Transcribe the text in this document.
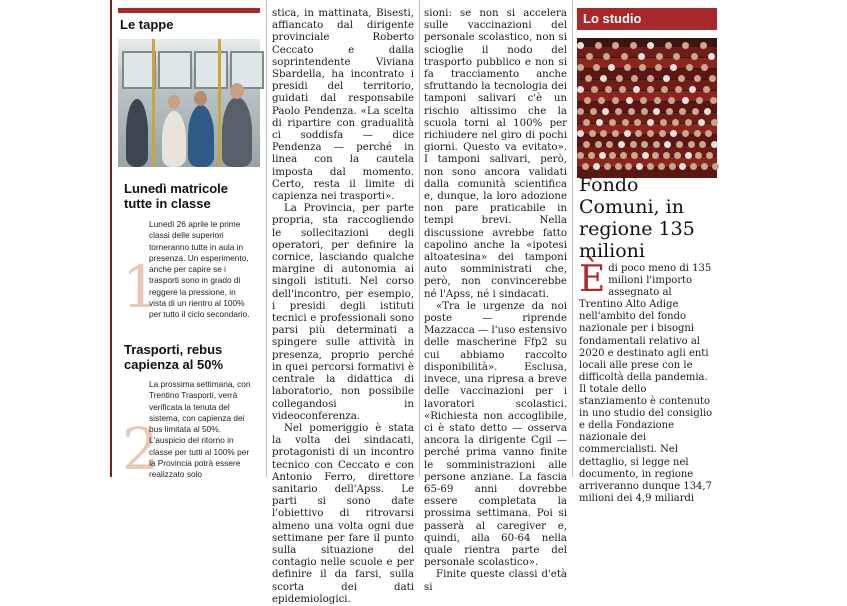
Le tappe
Lunedì matricole tutte in classe
1
Lunedì 26 aprile le prime classi delle superiori torneranno tutte in aula in presenza. Un esperimento, anche per capire se i trasporti sono in grado di reggere la pressione, in vista di un rientro al 100% per tutto il ciclo secondario.
Trasporti, rebus capienza al 50%
2
La prossima settimana, con Trentino Trasporti, verrà verificata la tenuta del sistema, con capienza dei bus limitata al 50%. L'auspicio del ritorno in classe per tutti al 100% per la Provincia potrà essere realizzato solo

stica, in mattinata, Bisesti, affiancato dal dirigente provinciale Roberto Ceccato e dalla soprintendente Viviana Sbardella, ha incontrato i presidi del territorio, guidati dal responsabile Paolo Pendenza. «La scelta di ripartire con gradualità ci soddisfa — dice Pendenza — perché in linea con la cautela imposta dal momento. Certo, resta il limite di capienza nei trasporti».

La Provincia, per parte propria, sta raccogliendo le sollecitazioni degli operatori, per definire la cornice, lasciando qualche margine di autonomia ai singoli istituti. Nel corso dell'incontro, per esempio, i presidi degli istituti tecnici e professionali sono parsi più determinati a spingere sulle attività in presenza, proprio perché in quei percorsi formativi è centrale la didattica di laboratorio, non possibile collegandosi in videoconferenza.

Nel pomeriggio è stata la volta dei sindacati, protagonisti di un incontro tecnico con Ceccato e con Antonio Ferro, direttore sanitario dell'Apss. Le parti si sono date l'obiettivo di ritrovarsi almeno una volta ogni due settimane per fare il punto sulla situazione del contagio nelle scuole e per definire il da farsi, sulla scorta dei dati epidemiologici.

sioni: se non si accelera sulle vaccinazioni del personale scolastico, non si sciogliе il nodo del trasporto pubblico e non si fa tracciamento anche sfruttando la tecnologia dei tamponi salivari c'è un rischio altissimo che la scuola torni al 100% per richiudere nel giro di pochi giorni. Questo va evitato». I tamponi salivari, però, non sono ancora validati dalla comunità scientifica e, dunque, la loro adozione non pare praticabile in tempi brevi. Nella discussione avrebbe fatto capolino anche la «ipotesi altoatesina» dei tamponi auto somministrati che, però, non convincerebbe né l'Apss, né i sindacati.

«Tra le urgenze da noi poste — riprende Mazzacca — l'uso estensivo delle mascherine Ffp2 su cui abbiamo raccolto disponibilità». Esclusa, invece, una ripresa a breve delle vaccinazioni per i lavoratori scolastici. «Richiesta non accoglibile, ci è stato detto — osserva ancora la dirigente Cgil — perché prima vanno finite le somministrazioni alle persone anziane. La fascia 65-69 anni dovrebbe essere completata la prossima settimana. Poi si passerà al caregiver e, quindi, alla 60-64 nella quale rientra parte del personale scolastico».

Finite queste classi d'età si

Lo studio
Fondo Comuni, in regione 135 milioni
È di poco meno di 135 milioni l'importo assegnato al Trentino Alto Adige nell'ambito del fondo nazionale per i bisogni fondamentali relativo al 2020 e destinato agli enti locali alle prese con le difficoltà della pandemia. Il totale dello stanziamento è contenuto in uno studio del consiglio e della Fondazione nazionale dei commercialisti. Nel dettaglio, si legge nel documento, in regione arriveranno dunque 134,7 milioni dei 4,9 miliardi
